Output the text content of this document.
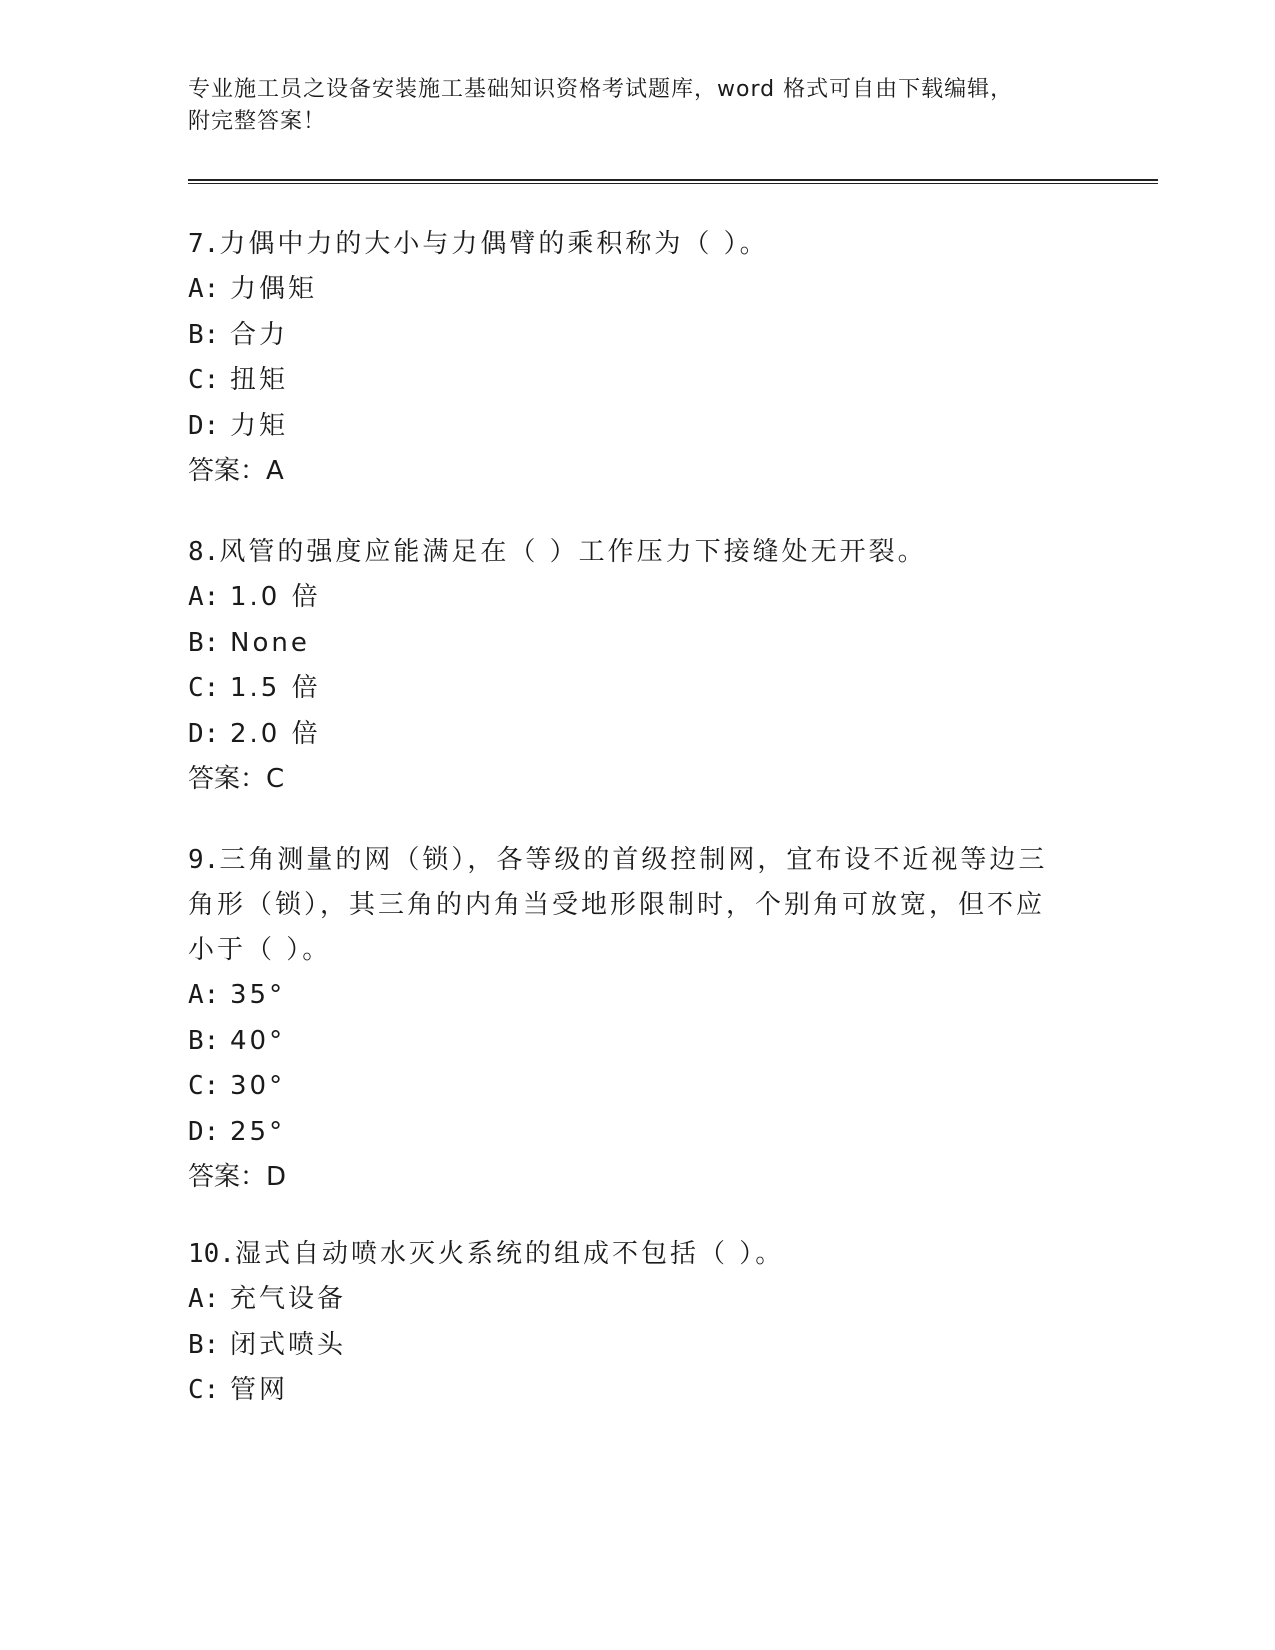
专业施工员之设备安装施工基础知识资格考试题库，word 格式可自由下载编辑，
附完整答案！

7.力偶中力的大小与力偶臂的乘积称为（ ）。

A: 力偶矩
B: 合力
C: 扭矩
D: 力矩
答案：A

8.风管的强度应能满足在（ ）工作压力下接缝处无开裂。

A: 1.0 倍
B: None
C: 1.5 倍
D: 2.0 倍
答案：C

9.三角测量的网（锁），各等级的首级控制网，宜布设不近视等边三角形（锁），其三角的内角当受地形限制时，个别角可放宽，但不应小于（ ）。

A: 35°
B: 40°
C: 30°
D: 25°
答案：D

10.湿式自动喷水灭火系统的组成不包括（ ）。

A: 充气设备
B: 闭式喷头
C: 管网
